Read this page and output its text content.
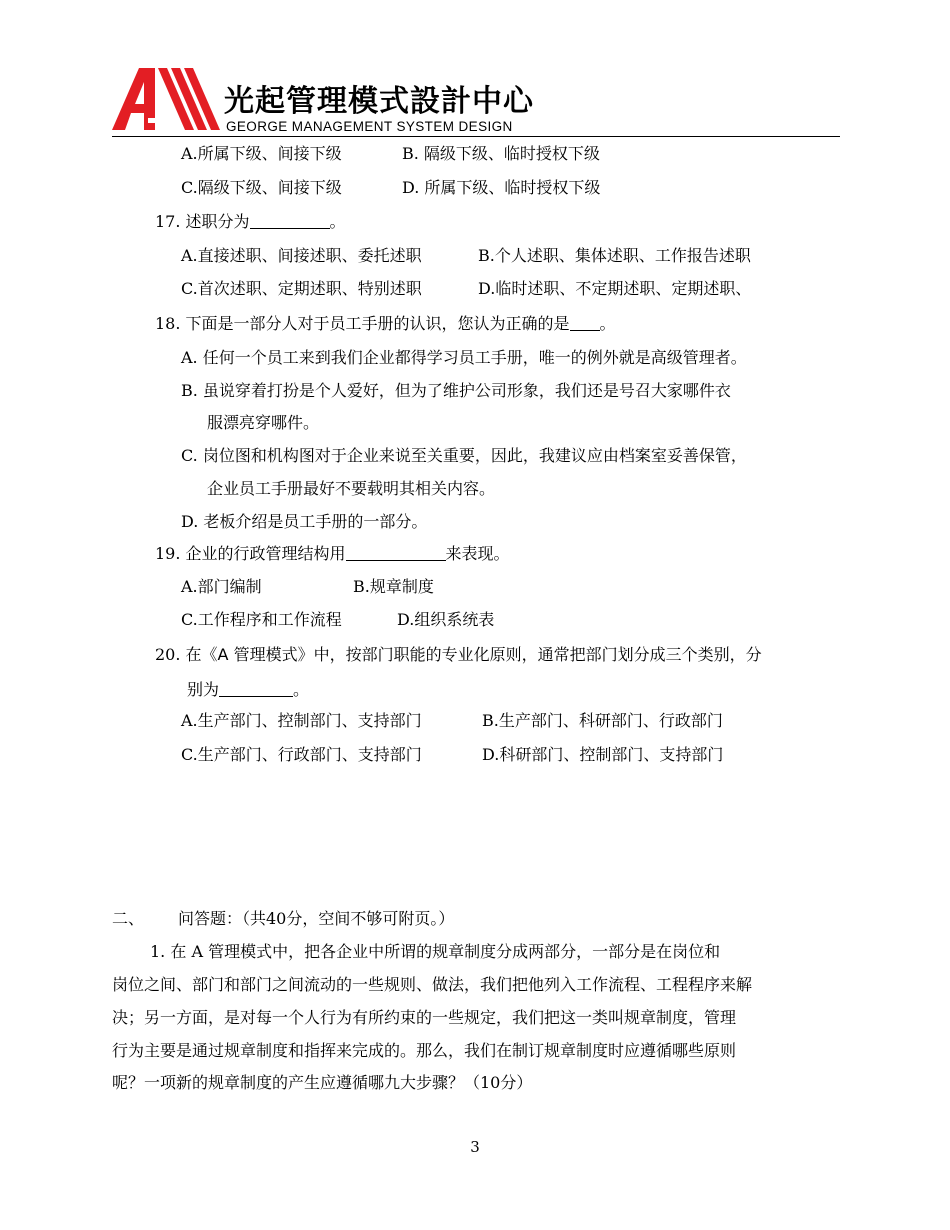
光起管理模式設計中心
GEORGE MANAGEMENT SYSTEM DESIGN
A.所属下级、间接下级	B. 隔级下级、临时授权下级
C.隔级下级、间接下级	D. 所属下级、临时授权下级
17. 述职分为	。
A.直接述职、间接述职、委托述职	B.个人述职、集体述职、工作报告述职
C.首次述职、定期述职、特别述职	D.临时述职、不定期述职、定期述职、
18. 下面是一部分人对于员工手册的认识，您认为正确的是 。
A. 任何一个员工来到我们企业都得学习员工手册，唯一的例外就是高级管理者。
B. 虽说穿着打扮是个人爱好，但为了维护公司形象，我们还是号召大家哪件衣
服漂亮穿哪件。
C. 岗位图和机构图对于企业来说至关重要，因此，我建议应由档案室妥善保管，
企业员工手册最好不要载明其相关内容。
D. 老板介绍是员工手册的一部分。
19. 企业的行政管理结构用	来表现。
A.部门编制	B.规章制度
C.工作程序和工作流程	D.组织系统表
20. 在《A 管理模式》中，按部门职能的专业化原则，通常把部门划分成三个类别，分
别为	。
A.生产部门、控制部门、支持部门	B.生产部门、科研部门、行政部门
C.生产部门、行政部门、支持部门	D.科研部门、控制部门、支持部门
二、 问答题：（共40分，空间不够可附页。）
1. 在 A 管理模式中，把各企业中所谓的规章制度分成两部分，一部分是在岗位和
岗位之间、部门和部门之间流动的一些规则、做法，我们把他列入工作流程、工程程序来解
决；另一方面，是对每一个人行为有所约束的一些规定，我们把这一类叫规章制度，管理
行为主要是通过规章制度和指挥来完成的。那么，我们在制订规章制度时应遵循哪些原则
呢？一项新的规章制度的产生应遵循哪九大步骤？（10分）
3
